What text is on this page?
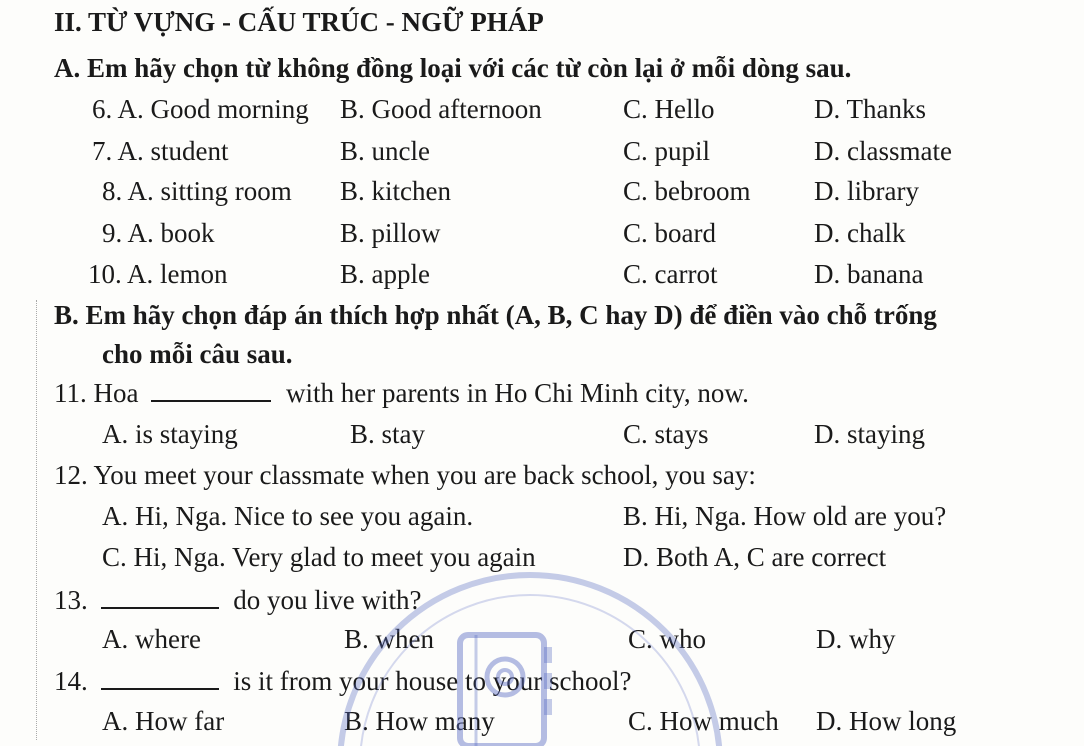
II. TỪ VỰNG - CẤU TRÚC - NGỮ PHÁP
A. Em hãy chọn từ không đồng loại với các từ còn lại ở mỗi dòng sau.
6. A. Good morning B. Good afternoon	C. Hello	D. Thanks
7. A. student	B. uncle	C. pupil	D. classmate
8. A. sitting room B. kitchen	C. bebroom D. library
9. A. book	B. pillow	C. board	D. chalk
10. A. lemon	B. apple	C. carrot	D. banana
B. Em hãy chọn đáp án thích hợp nhất (A, B, C hay D) để điền vào chỗ trống
cho mỗi câu sau.
11. Hoa	with her parents in Ho Chi Minh city, now.
A. is staying	B. stay	C. stays	D. staying
12. You meet your classmate when you are back school, you say:
A. Hi, Nga. Nice to see you again.	B. Hi, Nga. How old are you?
C. Hi, Nga. Very glad to meet you again	D. Both A, C are correct
13.	do you live with?
A. where	B. when	C. who	D. why
14.	is it from your house to your school?
A. How far	B. How many	C. How much D. How long
